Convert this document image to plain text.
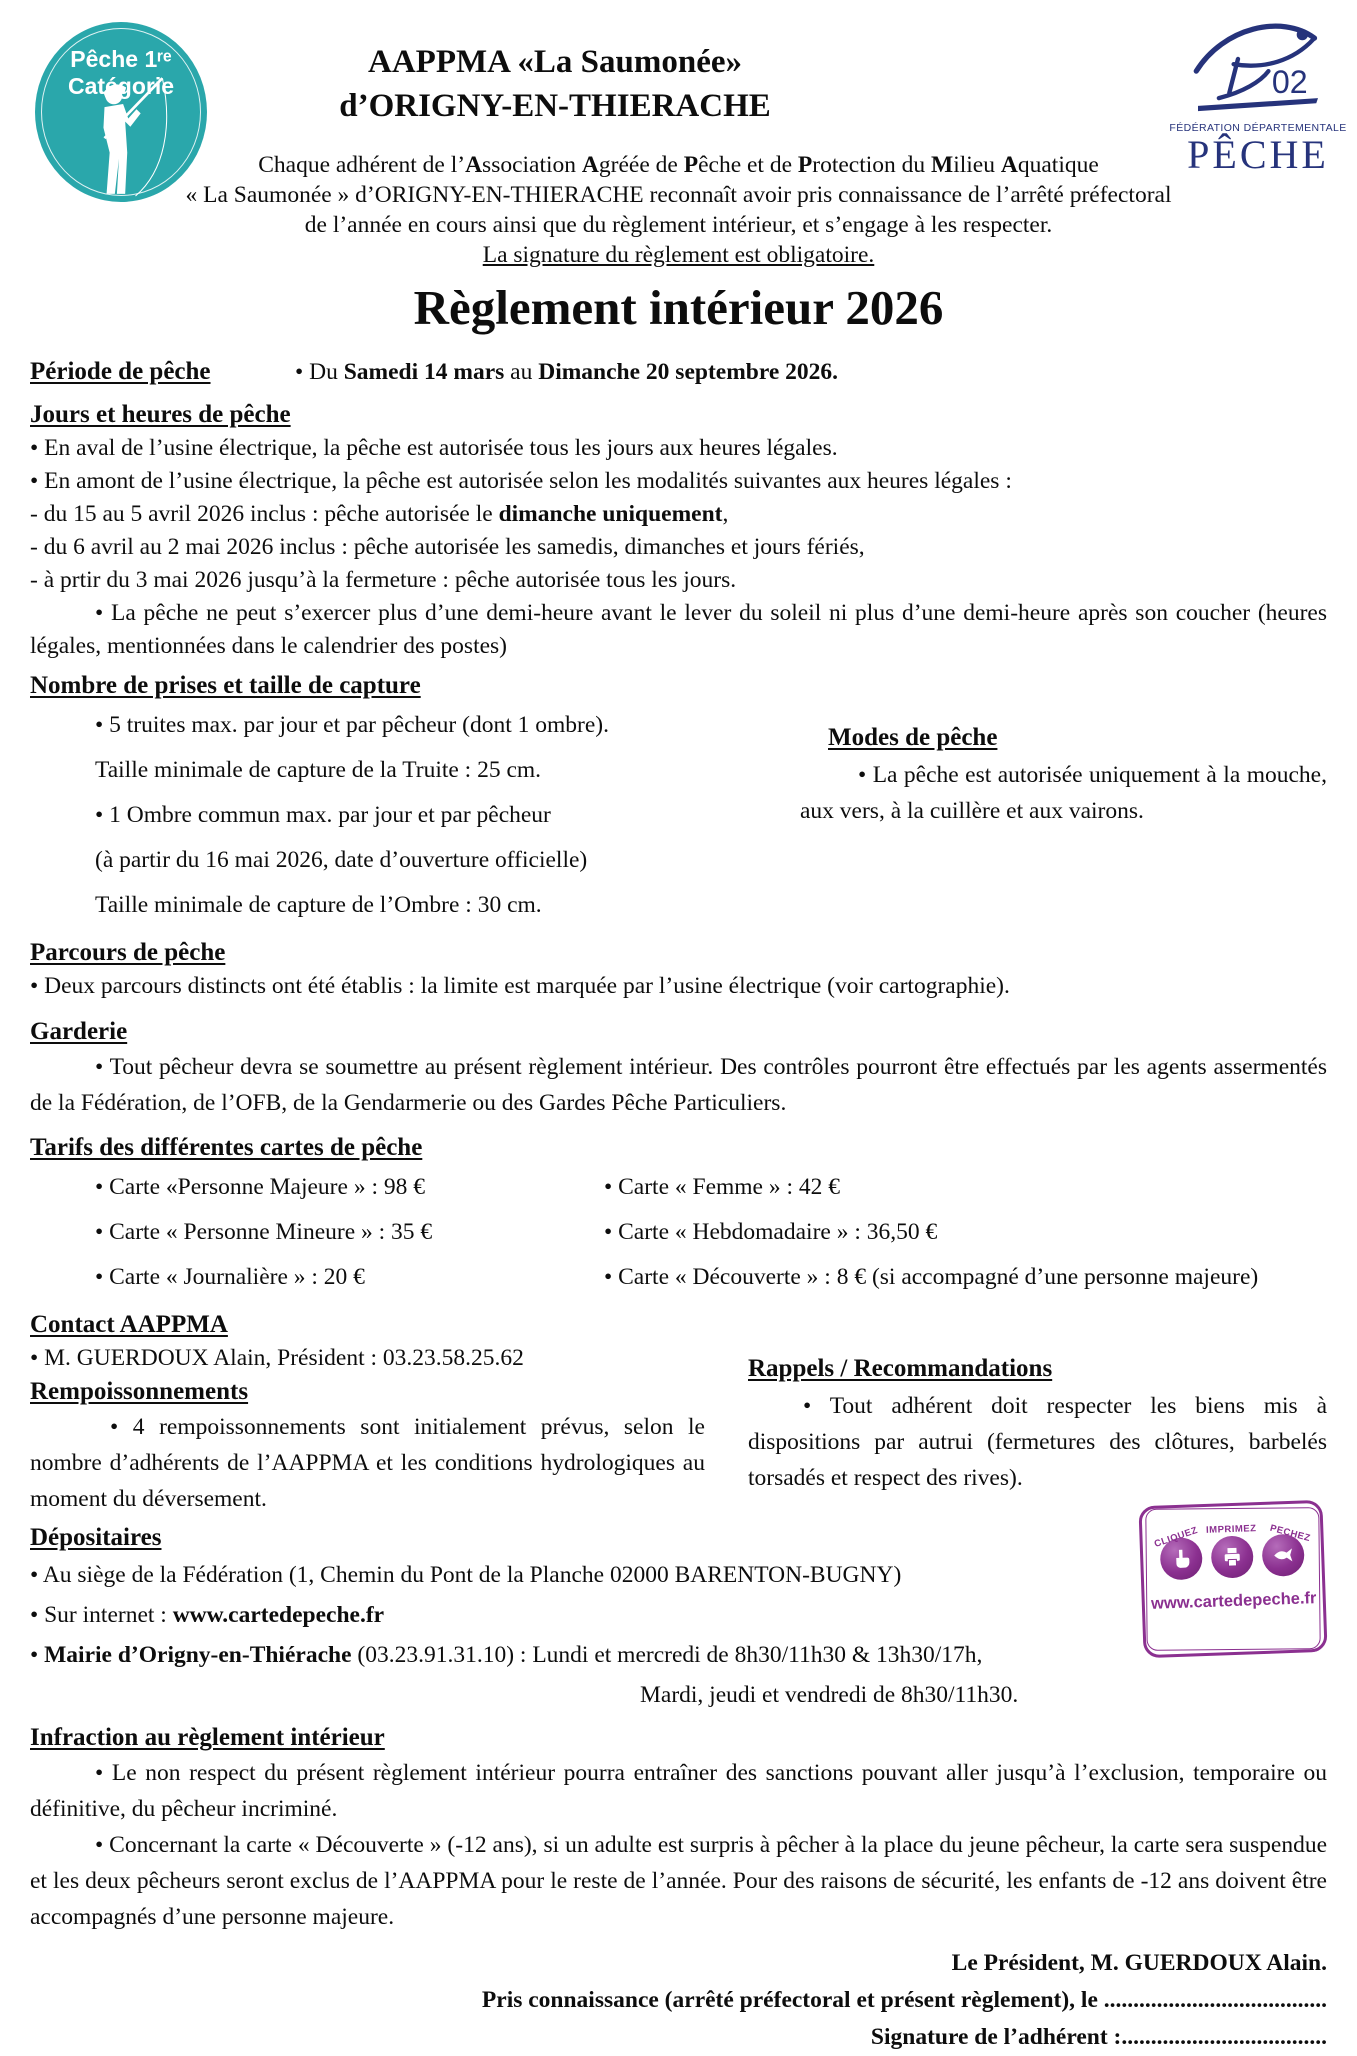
Pêche 1ʳᵉ
Catégorie
AAPPMA «La Saumonée»
d’ORIGNY-EN-THIERACHE
02
FÉDÉRATION DÉPARTEMENTALE
PÊCHE
Chaque adhérent de l’Association Agréée de Pêche et de Protection du Milieu Aquatique
« La Saumonée » d’ORIGNY-EN-THIERACHE reconnaît avoir pris connaissance de l’arrêté préfectoral
de l’année en cours ainsi que du règlement intérieur, et s’engage à les respecter.
La signature du règlement est obligatoire.
Règlement intérieur 2026
Période de pêche	• Du Samedi 14 mars au Dimanche 20 septembre 2026.

Jours et heures de pêche

• En aval de l’usine électrique, la pêche est autorisée tous les jours aux heures légales.

• En amont de l’usine électrique, la pêche est autorisée selon les modalités suivantes aux heures légales :

- du 15 au 5 avril 2026 inclus : pêche autorisée le dimanche uniquement,

- du 6 avril au 2 mai 2026 inclus : pêche autorisée les samedis, dimanches et jours fériés,

- à prtir du 3 mai 2026 jusqu’à la fermeture : pêche autorisée tous les jours.

• La pêche ne peut s’exercer plus d’une demi-heure avant le lever du soleil ni plus d’une demi-heure après son coucher (heures légales, mentionnées dans le calendrier des postes)

Nombre de prises et taille de capture
• 5 truites max. par jour et par pêcheur (dont 1 ombre).
Taille minimale de capture de la Truite : 25 cm.
• 1 Ombre commun max. par jour et par pêcheur
(à partir du 16 mai 2026, date d’ouverture officielle)
Taille minimale de capture de l’Ombre : 30 cm.
Modes de pêche

• La pêche est autorisée uniquement à la mouche, aux vers, à la cuillère et aux vairons.

Parcours de pêche

• Deux parcours distincts ont été établis : la limite est marquée par l’usine électrique (voir cartographie).

Garderie

• Tout pêcheur devra se soumettre au présent règlement intérieur. Des contrôles pourront être effectués par les agents assermentés de la Fédération, de l’OFB, de la Gendarmerie ou des Gardes Pêche Particuliers.

Tarifs des différentes cartes de pêche
• Carte «Personne Majeure » : 98 €	• Carte « Femme » : 42 €
• Carte « Personne Mineure » : 35 €	• Carte « Hebdomadaire » : 36,50 €
• Carte « Journalière » : 20 €	• Carte « Découverte » : 8 € (si accompagné d’une personne majeure)
Contact AAPPMA

• M. GUERDOUX Alain, Président : 03.23.58.25.62

Rempoissonnements

• 4 rempoissonnements sont initialement prévus, selon le nombre d’adhérents de l’AAPPMA et les conditions hydrologiques au moment du déversement.

Rappels / Recommandations

• Tout adhérent doit respecter les biens mis à dispositions par autrui (fermetures des clôtures, barbelés torsadés et respect des rives).

Dépositaires

• Au siège de la Fédération (1, Chemin du Pont de la Planche 02000 BARENTON-BUGNY)

• Sur internet : www.cartedepeche.fr

• Mairie d’Origny-en-Thiérache (03.23.91.31.10) : Lundi et mercredi de 8h30/11h30 & 13h30/17h,

Mardi, jeudi et vendredi de 8h30/11h30.

CLIQUEZ IMPRIMEZ PECHEZ
www.cartedepeche.fr
Infraction au règlement intérieur

• Le non respect du présent règlement intérieur pourra entraîner des sanctions pouvant aller jusqu’à l’exclusion, temporaire ou définitive, du pêcheur incriminé.

• Concernant la carte « Découverte » (-12 ans), si un adulte est surpris à pêcher à la place du jeune pêcheur, la carte sera suspendue et les deux pêcheurs seront exclus de l’AAPPMA pour le reste de l’année. Pour des raisons de sécurité, les enfants de -12 ans doivent être accompagnés d’une personne majeure.

Le Président, M. GUERDOUX Alain.
Pris connaissance (arrêté préfectoral et présent règlement), le ......................................
Signature de l’adhérent :...................................
